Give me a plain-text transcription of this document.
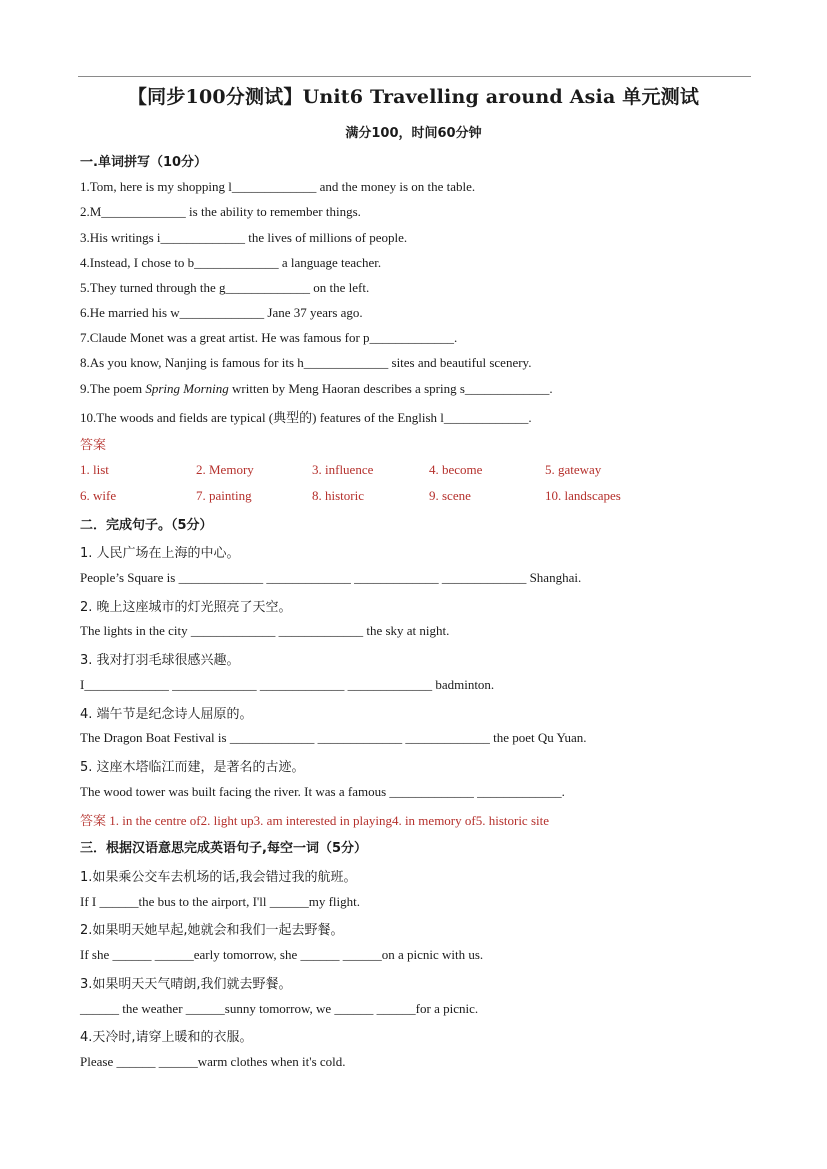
【同步100分测试】Unit6 Travelling around Asia 单元测试
满分100，时间60分钟
一.单词拼写（10分）
1.Tom, here is my shopping l_____________ and the money is on the table.
2.M_____________ is the ability to remember things.
3.His writings i_____________ the lives of millions of people.
4.Instead, I chose to b_____________ a language teacher.
5.They turned through the g_____________ on the left.
6.He married his w_____________ Jane 37 years ago.
7.Claude Monet was a great artist. He was famous for p_____________.
8.As you know, Nanjing is famous for its h_____________ sites and beautiful scenery.
9.The poem Spring Morning written by Meng Haoran describes a spring s_____________.
10.The woods and fields are typical (典型的) features of the English l_____________.
答案
1. list	2. Memory	3. influence	4. become	5. gateway
6. wife	7. painting	8. historic	9. scene	10. landscapes
二．完成句子。（5分）
1. 人民广场在上海的中心。
People’s Square is _____________ _____________ _____________ _____________ Shanghai.
2. 晚上这座城市的灯光照亮了天空。
The lights in the city _____________ _____________ the sky at night.
3. 我对打羽毛球很感兴趣。
I_____________ _____________ _____________ _____________ badminton.
4. 端午节是纪念诗人屈原的。
The Dragon Boat Festival is _____________ _____________ _____________ the poet Qu Yuan.
5. 这座木塔临江而建，是著名的古迹。
The wood tower was built facing the river. It was a famous _____________ _____________.
答案 1. in the centre of2. light up3. am interested in playing4. in memory of5. historic site
三．根据汉语意思完成英语句子,每空一词（5分）
1.如果乘公交车去机场的话,我会错过我的航班。
If I ______the bus to the airport, I'll ______my flight.
2.如果明天她早起,她就会和我们一起去野餐。
If she ______ ______early tomorrow, she ______ ______on a picnic with us.
3.如果明天天气晴朗,我们就去野餐。
______ the weather ______sunny tomorrow, we ______ ______for a picnic.
4.天冷时,请穿上暖和的衣服。
Please ______ ______warm clothes when it's cold.
